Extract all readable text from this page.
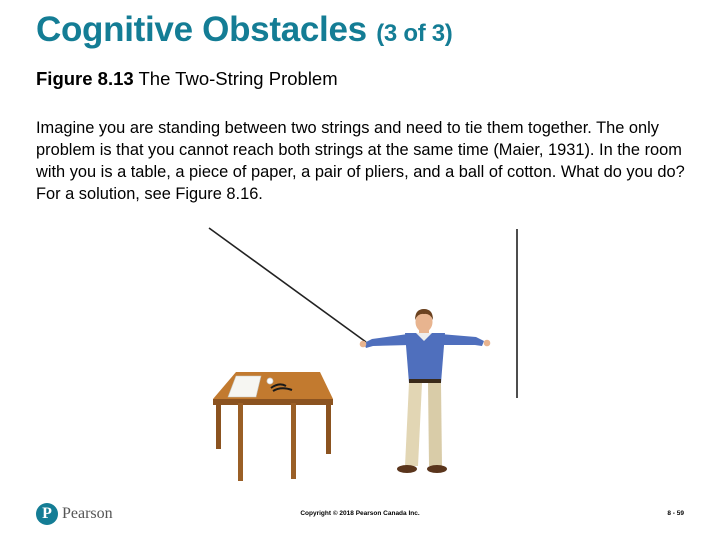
Cognitive Obstacles (3 of 3)
Figure 8.13 The Two-String Problem

Imagine you are standing between two strings and need to tie them together. The only problem is that you cannot reach both strings at the same time (Maier, 1931). In the room with you is a table, a piece of paper, a pair of pliers, and a ball of cotton. What do you do? For a solution, see Figure 8.16.

P Pearson	Copyright © 2018 Pearson Canada Inc.	8 - 59
